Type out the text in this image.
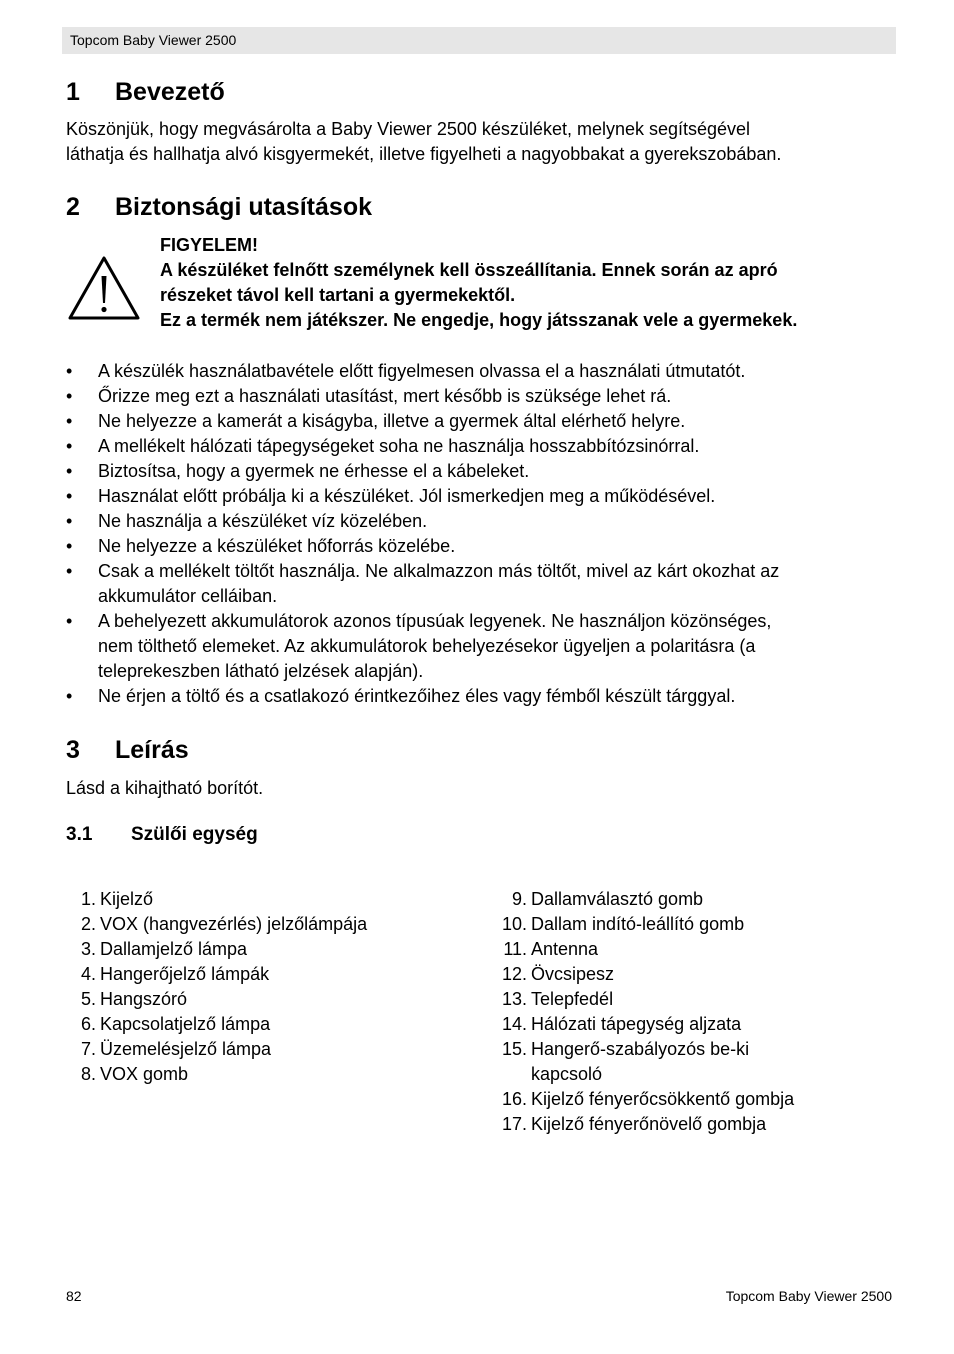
Topcom Baby Viewer 2500
1 Bevezető
Köszönjük, hogy megvásárolta a Baby Viewer 2500 készüléket, melynek segítségével
láthatja és hallhatja alvó kisgyermekét, illetve figyelheti a nagyobbakat a gyerekszobában.
2 Biztonsági utasítások
FIGYELEM!
A készüléket felnőtt személynek kell összeállítania. Ennek során az apró
részeket távol kell tartani a gyermekektől.
Ez a termék nem játékszer. Ne engedje, hogy játsszanak vele a gyermekek.
• A készülék használatbavétele előtt figyelmesen olvassa el a használati útmutatót.
• Őrizze meg ezt a használati utasítást, mert később is szüksége lehet rá.
• Ne helyezze a kamerát a kiságyba, illetve a gyermek által elérhető helyre.
• A mellékelt hálózati tápegységeket soha ne használja hosszabbítózsinórral.
• Biztosítsa, hogy a gyermek ne érhesse el a kábeleket.
• Használat előtt próbálja ki a készüléket. Jól ismerkedjen meg a működésével.
• Ne használja a készüléket víz közelében.
• Ne helyezze a készüléket hőforrás közelébe.
• Csak a mellékelt töltőt használja. Ne alkalmazzon más töltőt, mivel az kárt okozhat az
akkumulátor celláiban.
• A behelyezett akkumulátorok azonos típusúak legyenek. Ne használjon közönséges,
nem tölthető elemeket. Az akkumulátorok behelyezésekor ügyeljen a polaritásra (a
teleprekeszben látható jelzések alapján).
• Ne érjen a töltő és a csatlakozó érintkezőihez éles vagy fémből készült tárggyal.
3 Leírás
Lásd a kihajtható borítót.
3.1 Szülői egység
1. Kijelző
2. VOX (hangvezérlés) jelzőlámpája
3. Dallamjelző lámpa
4. Hangerőjelző lámpák
5. Hangszóró
6. Kapcsolatjelző lámpa
7. Üzemelésjelző lámpa
8. VOX gomb
9. Dallamválasztó gomb
10. Dallam indító-leállító gomb
11. Antenna
12. Övcsipesz
13. Telepfedél
14. Hálózati tápegység aljzata
15. Hangerő-szabályozós be-ki
kapcsoló
16. Kijelző fényerőcsökkentő gombja
17. Kijelző fényerőnövelő gombja
82	Topcom Baby Viewer 2500
